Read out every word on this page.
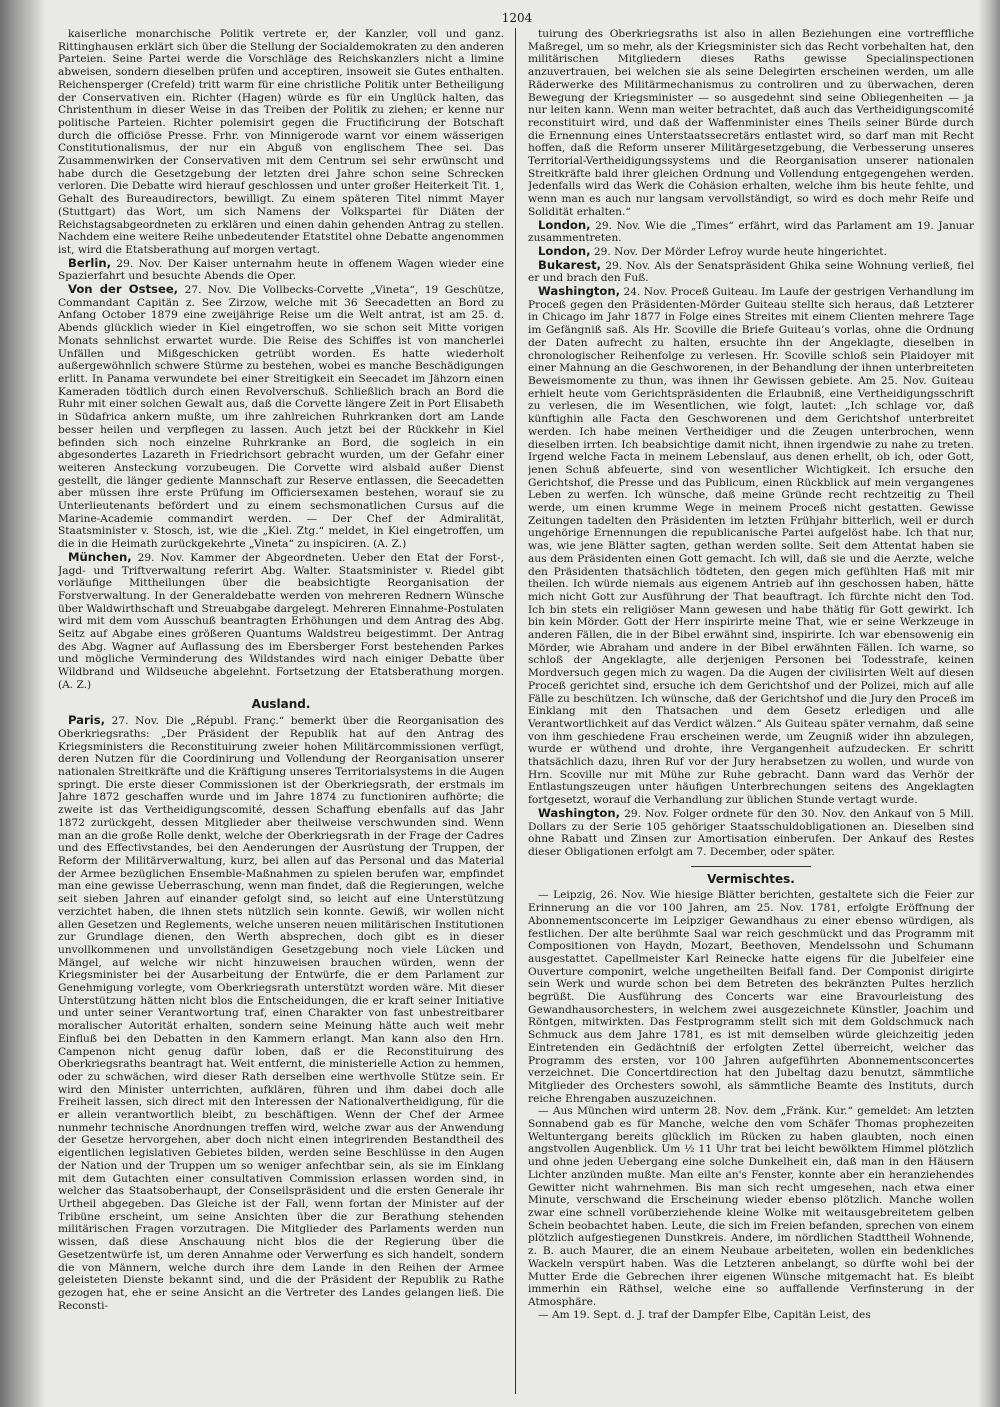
1204

kaiserliche monarchische Politik vertrete er, der Kanzler, voll und ganz. Rittinghausen erklärt sich über die Stellung der Socialdemokraten zu den anderen Parteien. Seine Partei werde die Vorschläge des Reichskanzlers nicht a limine abweisen, sondern dieselben prüfen und acceptiren, insoweit sie Gutes enthalten. Reichensperger (Crefeld) tritt warm für eine christliche Politik unter Betheiligung der Conservativen ein. Richter (Hagen) würde es für ein Unglück halten, das Christenthum in dieser Weise in das Treiben der Politik zu ziehen; er kenne nur politische Parteien. Richter polemisirt gegen die Fructificirung der Botschaft durch die officiöse Presse. Frhr. von Minnigerode warnt vor einem wässerigen Constitutionalismus, der nur ein Abguß von englischem Thee sei. Das Zusammenwirken der Conservativen mit dem Centrum sei sehr erwünscht und habe durch die Gesetzgebung der letzten drei Jahre schon seine Schrecken verloren. Die Debatte wird hierauf geschlossen und unter großer Heiterkeit Tit. 1, Gehalt des Bureaudirectors, bewilligt. Zu einem späteren Titel nimmt Mayer (Stuttgart) das Wort, um sich Namens der Volkspartei für Diäten der Reichstagsabgeordneten zu erklären und einen dahin gehenden Antrag zu stellen. Nachdem eine weitere Reihe unbedeutender Etatstitel ohne Debatte angenommen ist, wird die Etatsberathung auf morgen vertagt.

Berlin, 29. Nov. Der Kaiser unternahm heute in offenem Wagen wieder eine Spazierfahrt und besuchte Abends die Oper.

Von der Ostsee, 27. Nov. Die Vollbecks-Corvette „Vineta“, 19 Geschütze, Commandant Capitän z. See Zirzow, welche mit 36 Seecadetten an Bord zu Anfang October 1879 eine zweijährige Reise um die Welt antrat, ist am 25. d. Abends glücklich wieder in Kiel eingetroffen, wo sie schon seit Mitte vorigen Monats sehnlichst erwartet wurde. Die Reise des Schiffes ist von mancherlei Unfällen und Mißgeschicken getrübt worden. Es hatte wiederholt außergewöhnlich schwere Stürme zu bestehen, wobei es manche Beschädigungen erlitt. In Panama verwundete bei einer Streitigkeit ein Seecadet im Jähzorn einen Kameraden tödtlich durch einen Revolverschuß. Schließlich brach an Bord die Ruhr mit einer solchen Gewalt aus, daß die Corvette längere Zeit in Port Elisabeth in Südafrica ankern mußte, um ihre zahlreichen Ruhrkranken dort am Lande besser heilen und verpflegen zu lassen. Auch jetzt bei der Rückkehr in Kiel befinden sich noch einzelne Ruhrkranke an Bord, die sogleich in ein abgesondertes Lazareth in Friedrichsort gebracht wurden, um der Gefahr einer weiteren Ansteckung vorzubeugen. Die Corvette wird alsbald außer Dienst gestellt, die länger gediente Mannschaft zur Reserve entlassen, die Seecadetten aber müssen ihre erste Prüfung im Officiersexamen bestehen, worauf sie zu Unterlieutenants befördert und zu einem sechsmonatlichen Cursus auf die Marine-Academie commandirt werden. — Der Chef der Admiralität, Staatsminister v. Stosch, ist, wie die „Kiel. Ztg.“ meldet, in Kiel eingetroffen, um die in die Heimath zurückgekehrte „Vineta“ zu inspiciren. (A. Z.)

München, 29. Nov. Kammer der Abgeordneten. Ueber den Etat der Forst-, Jagd- und Triftverwaltung referirt Abg. Walter. Staatsminister v. Riedel gibt vorläufige Mittheilungen über die beabsichtigte Reorganisation der Forstverwaltung. In der Generaldebatte werden von mehreren Rednern Wünsche über Waldwirthschaft und Streuabgabe dargelegt. Mehreren Einnahme-Postulaten wird mit dem vom Ausschuß beantragten Erhöhungen und dem Antrag des Abg. Seitz auf Abgabe eines größeren Quantums Waldstreu beigestimmt. Der Antrag des Abg. Wagner auf Auflassung des im Ebersberger Forst bestehenden Parkes und mögliche Verminderung des Wildstandes wird nach einiger Debatte über Wildbrand und Wildseuche abgelehnt. Fortsetzung der Etatsberathung morgen. (A. Z.)

Ausland.

Paris, 27. Nov. Die „Républ. Franç.“ bemerkt über die Reorganisation des Oberkriegsraths: „Der Präsident der Republik hat auf den Antrag des Kriegsministers die Reconstituirung zweier hohen Militärcommissionen verfügt, deren Nutzen für die Coordinirung und Vollendung der Reorganisation unserer nationalen Streitkräfte und die Kräftigung unseres Territorialsystems in die Augen springt. Die erste dieser Commissionen ist der Oberkriegsrath, der erstmals im Jahre 1872 geschaffen wurde und im Jahre 1874 zu functioniren aufhörte; die zweite ist das Vertheidigungscomité, dessen Schaffung ebenfalls auf das Jahr 1872 zurückgeht, dessen Mitglieder aber theilweise verschwunden sind. Wenn man an die große Rolle denkt, welche der Oberkriegsrath in der Frage der Cadres und des Effectivstandes, bei den Aenderungen der Ausrüstung der Truppen, der Reform der Militärverwaltung, kurz, bei allen auf das Personal und das Material der Armee bezüglichen Ensemble-Maßnahmen zu spielen berufen war, empfindet man eine gewisse Ueberraschung, wenn man findet, daß die Regierungen, welche seit sieben Jahren auf einander gefolgt sind, so leicht auf eine Unterstützung verzichtet haben, die ihnen stets nützlich sein konnte. Gewiß, wir wollen nicht allen Gesetzen und Reglements, welche unseren neuen militärischen Institutionen zur Grundlage dienen, den Werth absprechen, doch gibt es in dieser unvollkommenen und unvollständigen Gesetzgebung noch viele Lücken und Mängel, auf welche wir nicht hinzuweisen brauchen würden, wenn der Kriegsminister bei der Ausarbeitung der Entwürfe, die er dem Parlament zur Genehmigung vorlegte, vom Oberkriegsrath unterstützt worden wäre. Mit dieser Unterstützung hätten nicht blos die Entscheidungen, die er kraft seiner Initiative und unter seiner Verantwortung traf, einen Charakter von fast unbestreitbarer moralischer Autorität erhalten, sondern seine Meinung hätte auch weit mehr Einfluß bei den Debatten in den Kammern erlangt. Man kann also den Hrn. Campenon nicht genug dafür loben, daß er die Reconstituirung des Oberkriegsraths beantragt hat. Weit entfernt, die ministerielle Action zu hemmen, oder zu schwächen, wird dieser Rath derselben eine werthvolle Stütze sein. Er wird den Minister unterrichten, aufklären, führen und ihm dabei doch alle Freiheit lassen, sich direct mit den Interessen der Nationalvertheidigung, für die er allein verantwortlich bleibt, zu beschäftigen. Wenn der Chef der Armee nunmehr technische Anordnungen treffen wird, welche zwar aus der Anwendung der Gesetze hervorgehen, aber doch nicht einen integrirenden Bestandtheil des eigentlichen legislativen Gebietes bilden, werden seine Beschlüsse in den Augen der Nation und der Truppen um so weniger anfechtbar sein, als sie im Einklang mit dem Gutachten einer consultativen Commission erlassen worden sind, in welcher das Staatsoberhaupt, der Conseilspräsident und die ersten Generale ihr Urtheil abgegeben. Das Gleiche ist der Fall, wenn fortan der Minister auf der Tribüne erscheint, um seine Ansichten über die zur Berathung stehenden militärischen Fragen vorzutragen. Die Mitglieder des Parlaments werden nun wissen, daß diese Anschauung nicht blos die der Regierung über die Gesetzentwürfe ist, um deren Annahme oder Verwerfung es sich handelt, sondern die von Männern, welche durch ihre dem Lande in den Reihen der Armee geleisteten Dienste bekannt sind, und die der Präsident der Republik zu Rathe gezogen hat, ehe er seine Ansicht an die Vertreter des Landes gelangen ließ. Die Reconsti-

tuirung des Oberkriegsraths ist also in allen Beziehungen eine vortreffliche Maßregel, um so mehr, als der Kriegsminister sich das Recht vorbehalten hat, den militärischen Mitgliedern dieses Raths gewisse Specialinspectionen anzuvertrauen, bei welchen sie als seine Delegirten erscheinen werden, um alle Räderwerke des Militärmechanismus zu controliren und zu überwachen, deren Bewegung der Kriegsminister — so ausgedehnt sind seine Obliegenheiten — ja nur leiten kann. Wenn man weiter betrachtet, daß auch das Vertheidigungscomité reconstituirt wird, und daß der Waffenminister eines Theils seiner Bürde durch die Ernennung eines Unterstaatssecretärs entlastet wird, so darf man mit Recht hoffen, daß die Reform unserer Militärgesetzgebung, die Verbesserung unseres Territorial-Vertheidigungssystems und die Reorganisation unserer nationalen Streitkräfte bald ihrer gleichen Ordnung und Vollendung entgegengehen werden. Jedenfalls wird das Werk die Cohäsion erhalten, welche ihm bis heute fehlte, und wenn man es auch nur langsam vervollständigt, so wird es doch mehr Reife und Solidität erhalten.“

London, 29. Nov. Wie die „Times“ erfährt, wird das Parlament am 19. Januar zusammentreten.

London, 29. Nov. Der Mörder Lefroy wurde heute hingerichtet.

Bukarest, 29. Nov. Als der Senatspräsident Ghika seine Wohnung verließ, fiel er und brach den Fuß.

Washington, 24. Nov. Proceß Guiteau. Im Laufe der gestrigen Verhandlung im Proceß gegen den Präsidenten-Mörder Guiteau stellte sich heraus, daß Letzterer in Chicago im Jahr 1877 in Folge eines Streites mit einem Clienten mehrere Tage im Gefängniß saß. Als Hr. Scoville die Briefe Guiteau’s vorlas, ohne die Ordnung der Daten aufrecht zu halten, ersuchte ihn der Angeklagte, dieselben in chronologischer Reihenfolge zu verlesen. Hr. Scoville schloß sein Plaidoyer mit einer Mahnung an die Geschworenen, in der Behandlung der ihnen unterbreiteten Beweismomente zu thun, was ihnen ihr Gewissen gebiete. Am 25. Nov. Guiteau erhielt heute vom Gerichtspräsidenten die Erlaubniß, eine Vertheidigungsschrift zu verlesen, die im Wesentlichen, wie folgt, lautet: „Ich schlage vor, daß künftighin alle Facta den Geschworenen und dem Gerichtshof unterbreitet werden. Ich habe meinen Vertheidiger und die Zeugen unterbrochen, wenn dieselben irrten. Ich beabsichtige damit nicht, ihnen irgendwie zu nahe zu treten. Irgend welche Facta in meinem Lebenslauf, aus denen erhellt, ob ich, oder Gott, jenen Schuß abfeuerte, sind von wesentlicher Wichtigkeit. Ich ersuche den Gerichtshof, die Presse und das Publicum, einen Rückblick auf mein vergangenes Leben zu werfen. Ich wünsche, daß meine Gründe recht rechtzeitig zu Theil werde, um einen krumme Wege in meinem Proceß nicht gestatten. Gewisse Zeitungen tadelten den Präsidenten im letzten Frühjahr bitterlich, weil er durch ungehörige Ernennungen die republicanische Partei aufgelöst habe. Ich that nur, was, wie jene Blätter sagten, gethan werden sollte. Seit dem Attentat haben sie aus dem Präsidenten einen Gott gemacht. Ich will, daß sie und die Aerzte, welche den Präsidenten thatsächlich tödteten, den gegen mich gefühlten Haß mit mir theilen. Ich würde niemals aus eigenem Antrieb auf ihn geschossen haben, hätte mich nicht Gott zur Ausführung der That beauftragt. Ich fürchte nicht den Tod. Ich bin stets ein religiöser Mann gewesen und habe thätig für Gott gewirkt. Ich bin kein Mörder. Gott der Herr inspirirte meine That, wie er seine Werkzeuge in anderen Fällen, die in der Bibel erwähnt sind, inspirirte. Ich war ebensowenig ein Mörder, wie Abraham und andere in der Bibel erwähnten Fällen. Ich warne, so schloß der Angeklagte, alle derjenigen Personen bei Todesstrafe, keinen Mordversuch gegen mich zu wagen. Da die Augen der civilisirten Welt auf diesen Proceß gerichtet sind, ersuche ich dem Gerichtshof und der Polizei, mich auf alle Fälle zu beschützen. Ich wünsche, daß der Gerichtshof und die Jury den Proceß im Einklang mit den Thatsachen und dem Gesetz erledigen und alle Verantwortlichkeit auf das Verdict wälzen.“ Als Guiteau später vernahm, daß seine von ihm geschiedene Frau erscheinen werde, um Zeugniß wider ihn abzulegen, wurde er wüthend und drohte, ihre Vergangenheit aufzudecken. Er schritt thatsächlich dazu, ihren Ruf vor der Jury herabsetzen zu wollen, und wurde von Hrn. Scoville nur mit Mühe zur Ruhe gebracht. Dann ward das Verhör der Entlastungszeugen unter häufigen Unterbrechungen seitens des Angeklagten fortgesetzt, worauf die Verhandlung zur üblichen Stunde vertagt wurde.

Washington, 29. Nov. Folger ordnete für den 30. Nov. den Ankauf von 5 Mill. Dollars zu der Serie 105 gehöriger Staatsschuldobligationen an. Dieselben sind ohne Rabatt und Zinsen zur Amortisation einberufen. Der Ankauf des Restes dieser Obligationen erfolgt am 7. December, oder später.

Vermischtes.

— Leipzig, 26. Nov. Wie hiesige Blätter berichten, gestaltete sich die Feier zur Erinnerung an die vor 100 Jahren, am 25. Nov. 1781, erfolgte Eröffnung der Abonnementsconcerte im Leipziger Gewandhaus zu einer ebenso würdigen, als festlichen. Der alte berühmte Saal war reich geschmückt und das Programm mit Compositionen von Haydn, Mozart, Beethoven, Mendelssohn und Schumann ausgestattet. Capellmeister Karl Reinecke hatte eigens für die Jubelfeier eine Ouverture componirt, welche ungetheilten Beifall fand. Der Componist dirigirte sein Werk und wurde schon bei dem Betreten des bekränzten Pultes herzlich begrüßt. Die Ausführung des Concerts war eine Bravourleistung des Gewandhausorchesters, in welchem zwei ausgezeichnete Künstler, Joachim und Röntgen, mitwirkten. Das Festprogramm stellt sich mit dem Goldschmuck nach Schmuck aus dem Jahre 1781, es ist mit demselben würde gleichzeitig jeden Eintretenden ein Gedächtniß der erfolgten Zettel überreicht, welcher das Programm des ersten, vor 100 Jahren aufgeführten Abonnementsconcertes verzeichnet. Die Concertdirection hat den Jubeltag dazu benutzt, sämmtliche Mitglieder des Orchesters sowohl, als sämmtliche Beamte des Instituts, durch reiche Ehrengaben auszuzeichnen.

— Aus München wird unterm 28. Nov. dem „Fränk. Kur.“ gemeldet: Am letzten Sonnabend gab es für Manche, welche den vom Schäfer Thomas prophezeiten Weltuntergang bereits glücklich im Rücken zu haben glaubten, noch einen angstvollen Augenblick. Um ½ 11 Uhr trat bei leicht bewölktem Himmel plötzlich und ohne jeden Uebergang eine solche Dunkelheit ein, daß man in den Häusern Lichter anzünden mußte. Man eilte an's Fenster, konnte aber ein heranziehendes Gewitter nicht wahrnehmen. Bis man sich recht umgesehen, nach etwa einer Minute, verschwand die Erscheinung wieder ebenso plötzlich. Manche wollen zwar eine schnell vorüberziehende kleine Wolke mit weitausgebreitetem gelben Schein beobachtet haben. Leute, die sich im Freien befanden, sprechen von einem plötzlich aufgestiegenen Dunstkreis. Andere, im nördlichen Stadttheil Wohnende, z. B. auch Maurer, die an einem Neubaue arbeiteten, wollen ein bedenkliches Wackeln verspürt haben. Was die Letzteren anbelangt, so dürfte wohl bei der Mutter Erde die Gebrechen ihrer eigenen Wünsche mitgemacht hat. Es bleibt immerhin ein Räthsel, welche eine so auffallende Verfinsterung in der Atmosphäre.

— Am 19. Sept. d. J. traf der Dampfer Elbe, Capitän Leist, des
